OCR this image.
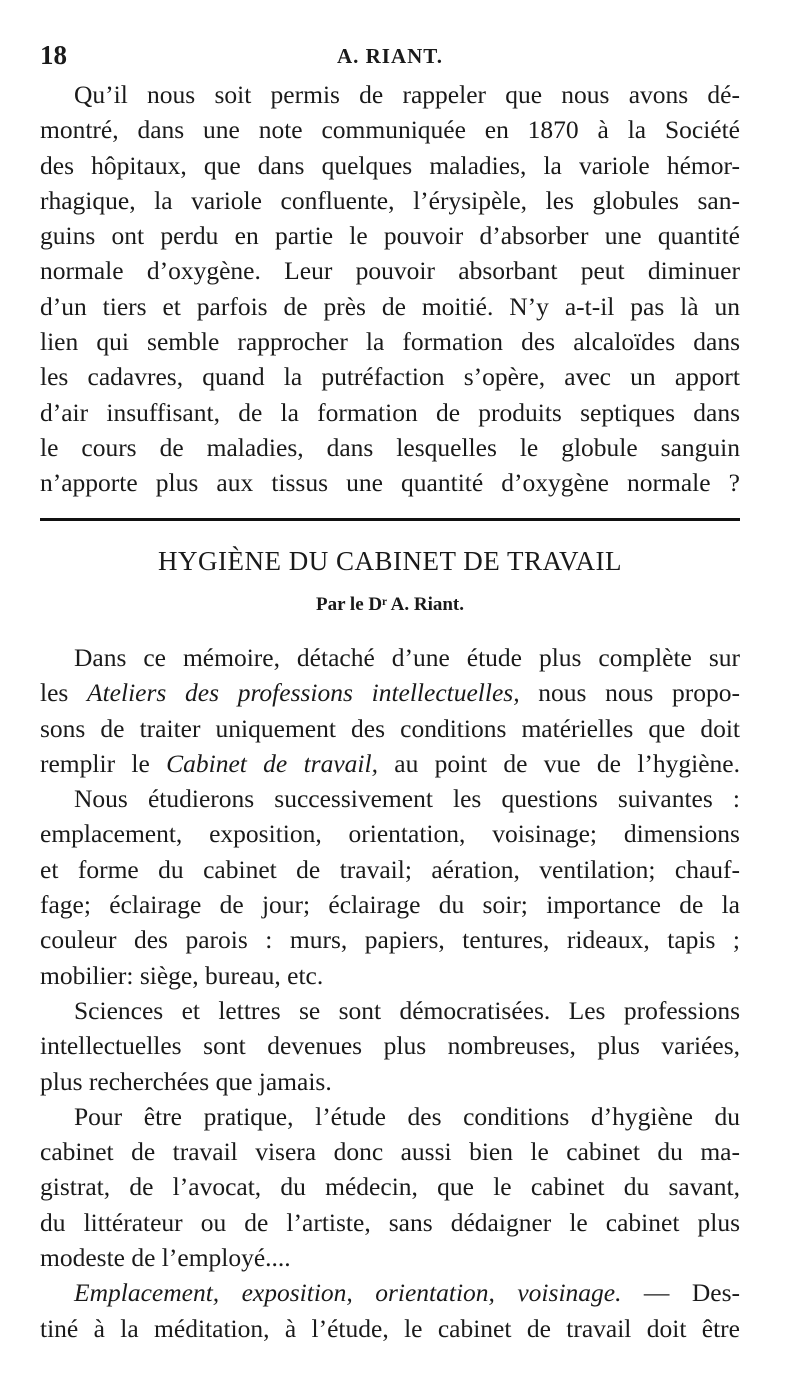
18	A. RIANT.
Qu’il nous soit permis de rappeler que nous avons dé-
montré, dans une note communiquée en 1870 à la Société
des hôpitaux, que dans quelques maladies, la variole hémor-
rhagique, la variole confluente, l’érysipèle, les globules san-
guins ont perdu en partie le pouvoir d’absorber une quantité
normale d’oxygène. Leur pouvoir absorbant peut diminuer
d’un tiers et parfois de près de moitié. N’y a-t-il pas là un
lien qui semble rapprocher la formation des alcaloïdes dans
les cadavres, quand la putréfaction s’opère, avec un apport
d’air insuffisant, de la formation de produits septiques dans
le cours de maladies, dans lesquelles le globule sanguin
n’apporte plus aux tissus une quantité d’oxygène normale ?
HYGIÈNE DU CABINET DE TRAVAIL
Par le Dʳ A. Riant.
Dans ce mémoire, détaché d’une étude plus complète sur
les Ateliers des professions intellectuelles, nous nous propo-
sons de traiter uniquement des conditions matérielles que doit
remplir le Cabinet de travail, au point de vue de l’hygiène.
Nous étudierons successivement les questions suivantes :
emplacement, exposition, orientation, voisinage; dimensions
et forme du cabinet de travail; aération, ventilation; chauf-
fage; éclairage de jour; éclairage du soir; importance de la
couleur des parois : murs, papiers, tentures, rideaux, tapis ;
mobilier: siège, bureau, etc.
Sciences et lettres se sont démocratisées. Les professions
intellectuelles sont devenues plus nombreuses, plus variées,
plus recherchées que jamais.
Pour être pratique, l’étude des conditions d’hygiène du
cabinet de travail visera donc aussi bien le cabinet du ma-
gistrat, de l’avocat, du médecin, que le cabinet du savant,
du littérateur ou de l’artiste, sans dédaigner le cabinet plus
modeste de l’employé....
Emplacement, exposition, orientation, voisinage. — Des-
tiné à la méditation, à l’étude, le cabinet de travail doit être
